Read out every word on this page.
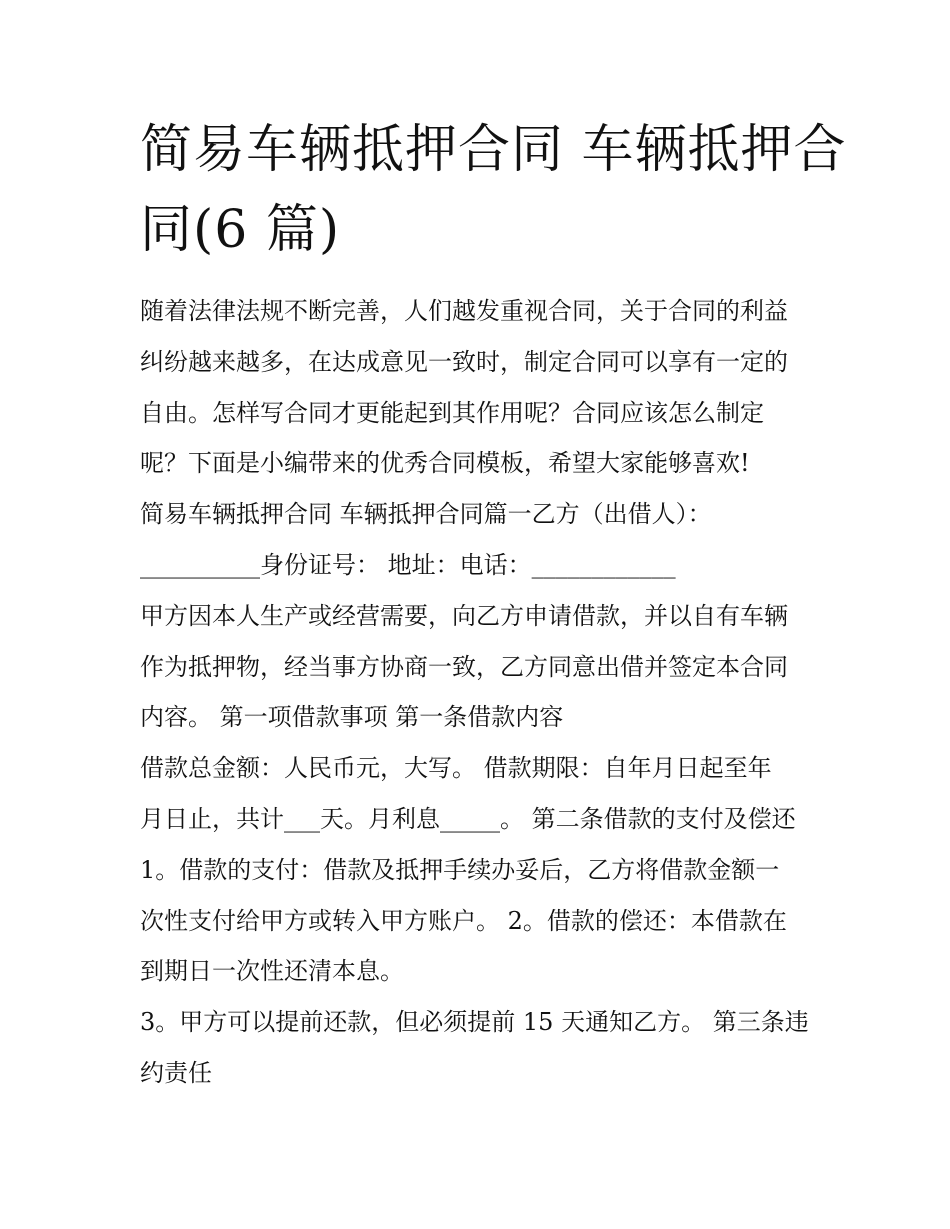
简易车辆抵押合同 车辆抵押合
同(6 篇)
随着法律法规不断完善，人们越发重视合同，关于合同的利益
纠纷越来越多，在达成意见一致时，制定合同可以享有一定的
自由。怎样写合同才更能起到其作用呢？合同应该怎么制定
呢？下面是小编带来的优秀合同模板，希望大家能够喜欢!
简易车辆抵押合同 车辆抵押合同篇一乙方（出借人）：
__________身份证号： 地址：电话：____________
甲方因本人生产或经营需要，向乙方申请借款，并以自有车辆
作为抵押物，经当事方协商一致，乙方同意出借并签定本合同
内容。 第一项借款事项 第一条借款内容
借款总金额：人民币元，大写。 借款期限：自年月日起至年
月日止，共计___天。月利息_____。 第二条借款的支付及偿还
1。借款的支付：借款及抵押手续办妥后，乙方将借款金额一
次性支付给甲方或转入甲方账户。 2。借款的偿还：本借款在
到期日一次性还清本息。
3。甲方可以提前还款，但必须提前 15 天通知乙方。 第三条违
约责任
